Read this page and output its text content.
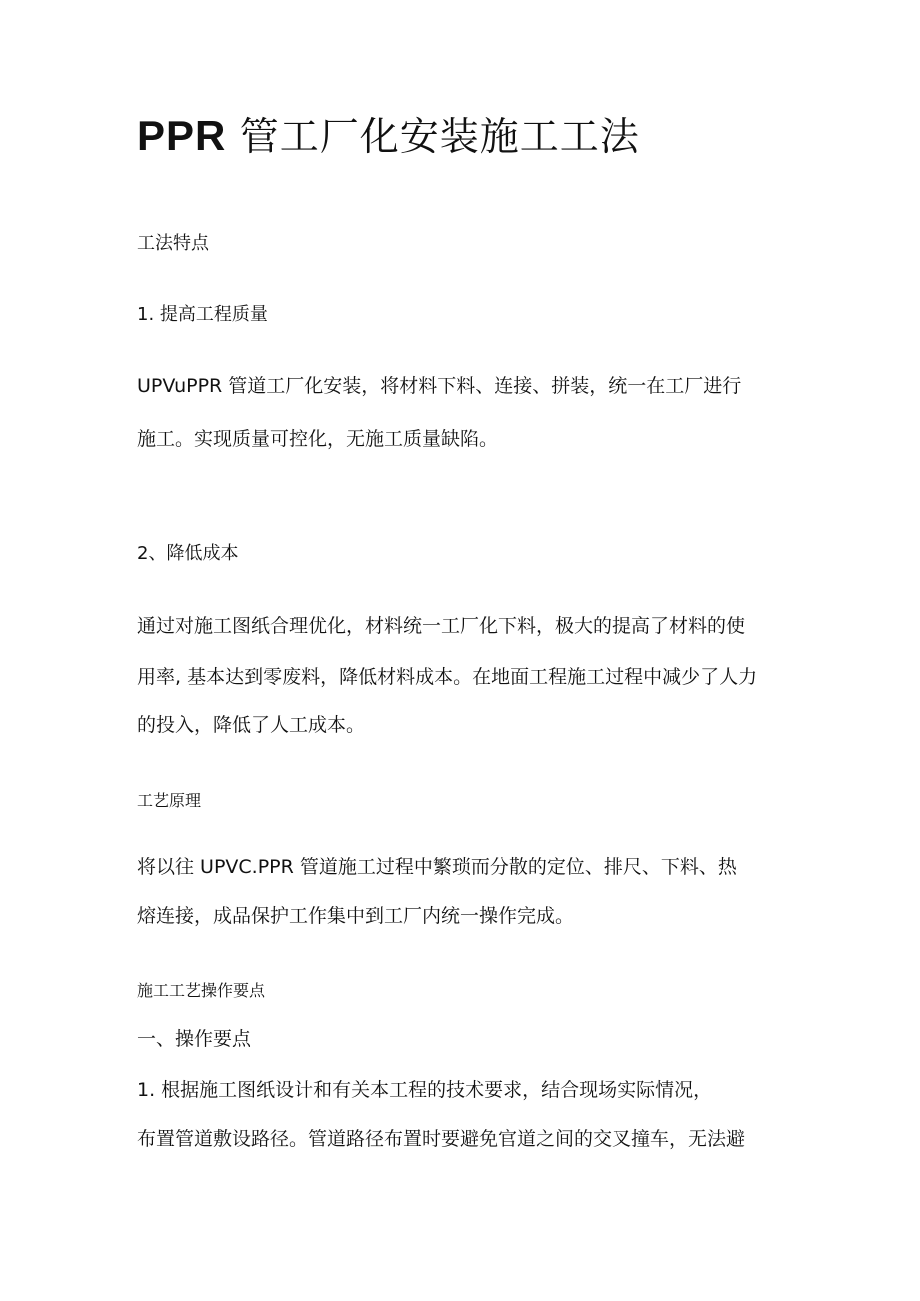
PPR 管工厂化安装施工工法

工法特点

1. 提高工程质量

UPVuPPR 管道工厂化安装，将材料下料、连接、拼装，统一在工厂进行

施工。实现质量可控化，无施工质量缺陷。

2、降低成本

通过对施工图纸合理优化，材料统一工厂化下料，极大的提高了材料的使

用率, 基本达到零废料，降低材料成本。在地面工程施工过程中减少了人力

的投入，降低了人工成本。

工艺原理

将以往 UPVC.PPR 管道施工过程中繁琐而分散的定位、排尺、下料、热

熔连接，成品保护工作集中到工厂内统一操作完成。

施工工艺操作要点

一、操作要点

1. 根据施工图纸设计和有关本工程的技术要求，结合现场实际情况，

布置管道敷设路径。管道路径布置时要避免官道之间的交叉撞车，无法避
